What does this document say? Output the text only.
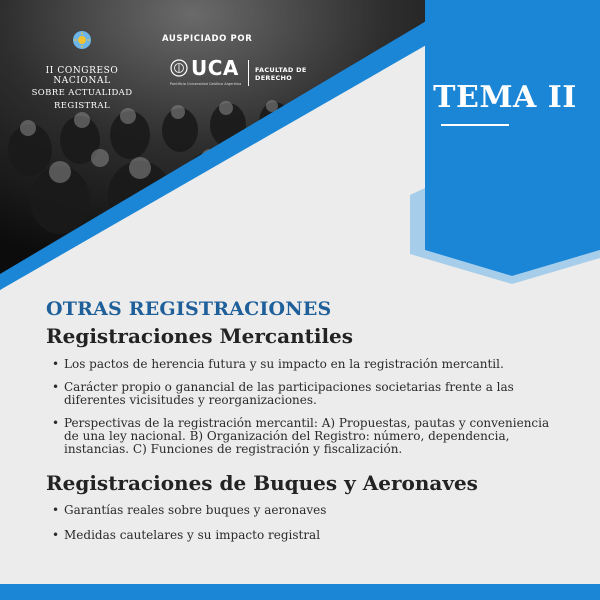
II CONGRESO NACIONAL
SOBRE ACTUALIDAD
REGISTRAL
AUSPICIADO POR
UCA
Pontificia Universidad Católica Argentina
FACULTAD DE
DERECHO
TEMA II
OTRAS REGISTRACIONES
Registraciones Mercantiles
• Los pactos de herencia futura y su impacto en la registración mercantil.
• Carácter propio o ganancial de las participaciones societarias frente a las diferentes vicisitudes y reorganizaciones.
• Perspectivas de la registración mercantil: A) Propuestas, pautas y conveniencia de una ley nacional. B) Organización del Registro: número, dependencia, instancias. C) Funciones de registración y fiscalización.
Registraciones de Buques y Aeronaves
• Garantías reales sobre buques y aeronaves
• Medidas cautelares y su impacto registral
